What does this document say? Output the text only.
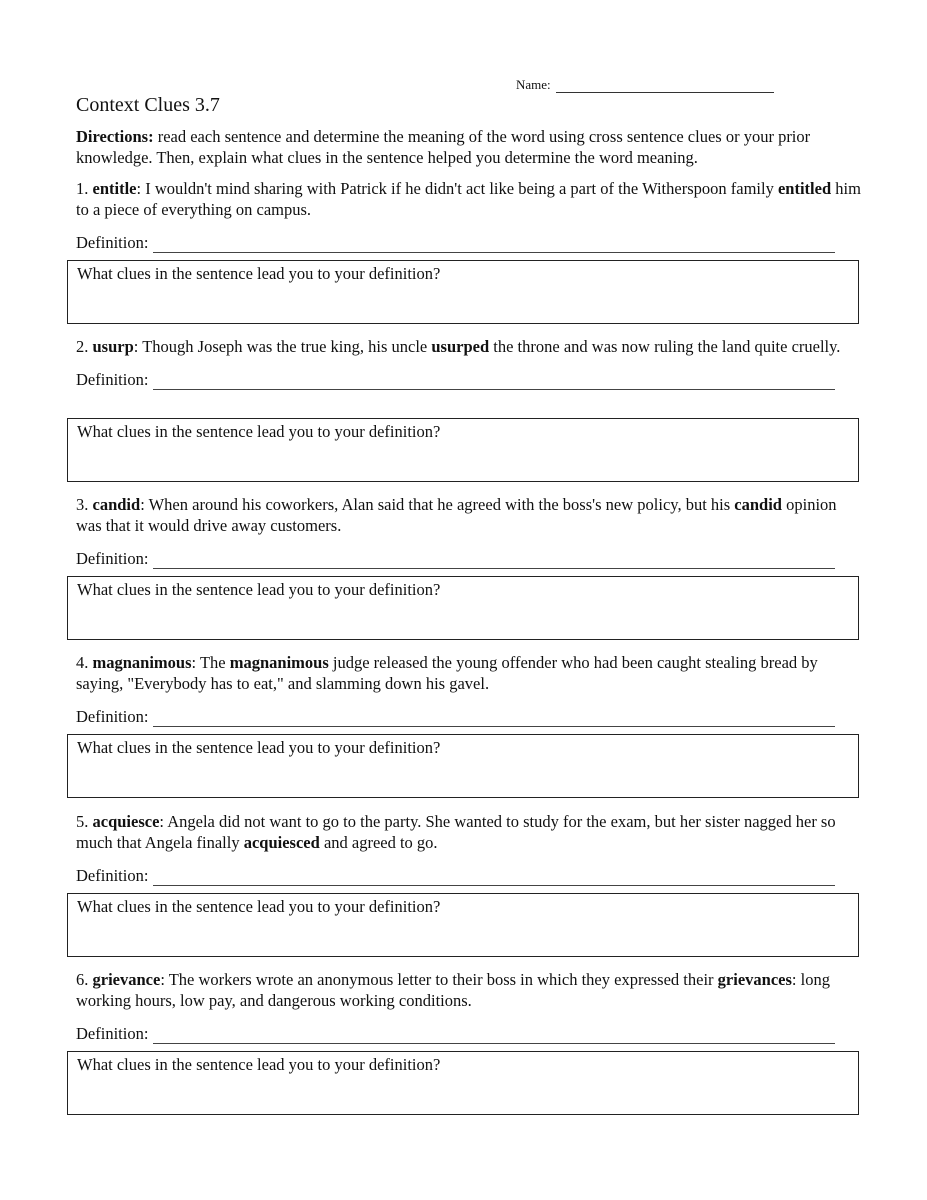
Name:
Context Clues 3.7

Directions: read each sentence and determine the meaning of the word using cross sentence clues or your prior knowledge. Then, explain what clues in the sentence helped you determine the word meaning.

1. entitle: I wouldn't mind sharing with Patrick if he didn't act like being a part of the Witherspoon family entitled him to a piece of everything on campus.

Definition:
What clues in the sentence lead you to your definition?

2. usurp: Though Joseph was the true king, his uncle usurped the throne and was now ruling the land quite cruelly.

Definition:
What clues in the sentence lead you to your definition?

3. candid: When around his coworkers, Alan said that he agreed with the boss's new policy, but his candid opinion was that it would drive away customers.

Definition:
What clues in the sentence lead you to your definition?

4. magnanimous: The magnanimous judge released the young offender who had been caught stealing bread by saying, "Everybody has to eat," and slamming down his gavel.

Definition:
What clues in the sentence lead you to your definition?

5. acquiesce: Angela did not want to go to the party. She wanted to study for the exam, but her sister nagged her so much that Angela finally acquiesced and agreed to go.

Definition:
What clues in the sentence lead you to your definition?

6. grievance: The workers wrote an anonymous letter to their boss in which they expressed their grievances: long working hours, low pay, and dangerous working conditions.

Definition:
What clues in the sentence lead you to your definition?
